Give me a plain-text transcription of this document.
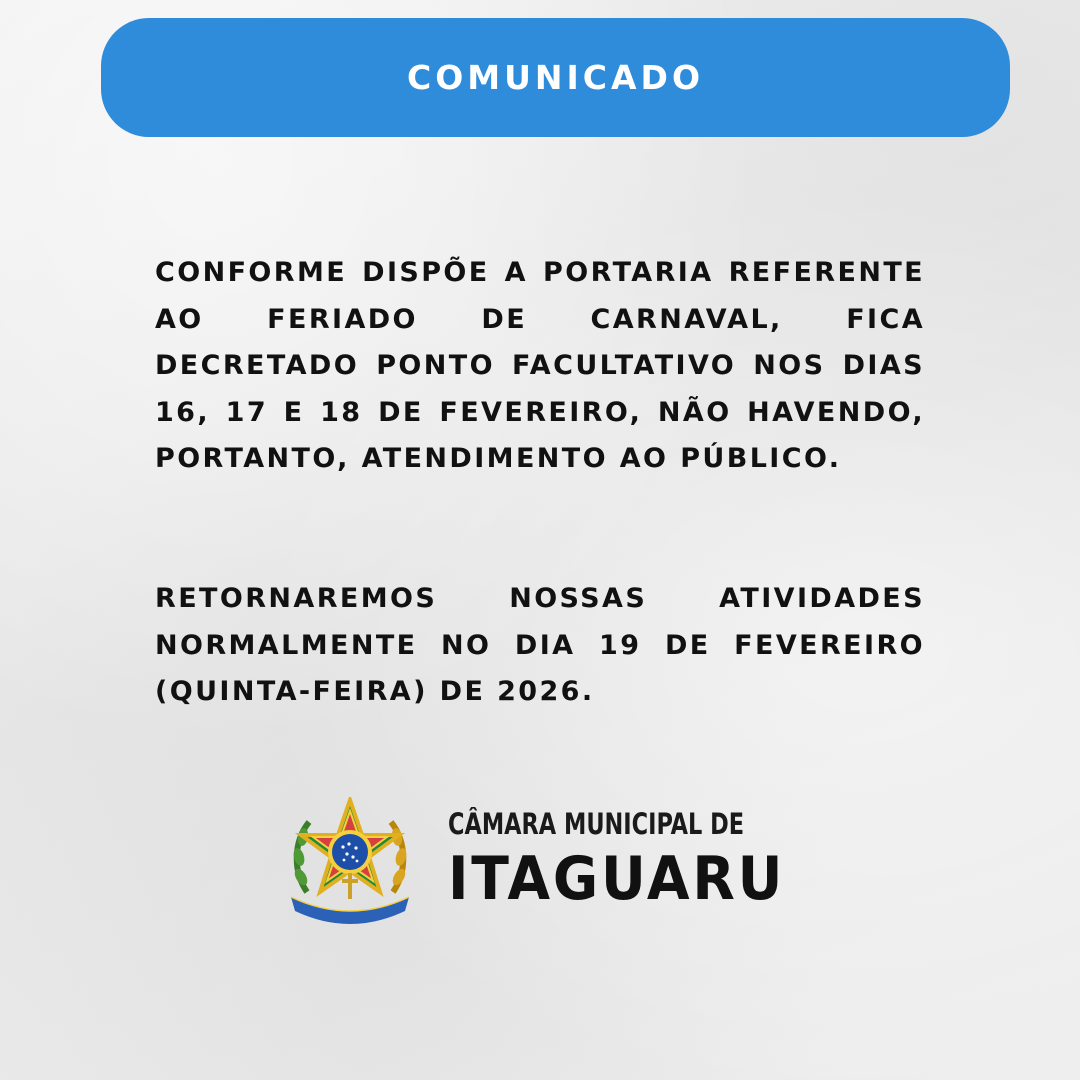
COMUNICADO

CONFORME DISPÕE A PORTARIA REFERENTE AO FERIADO DE CARNAVAL, FICA DECRETADO PONTO FACULTATIVO NOS DIAS 16, 17 E 18 DE FEVEREIRO, NÃO HAVENDO, PORTANTO, ATENDIMENTO AO PÚBLICO.

RETORNAREMOS NOSSAS ATIVIDADES NORMALMENTE NO DIA 19 DE FEVEREIRO (QUINTA-FEIRA) DE 2026.

CÂMARA MUNICIPAL DE
ITAGUARU
